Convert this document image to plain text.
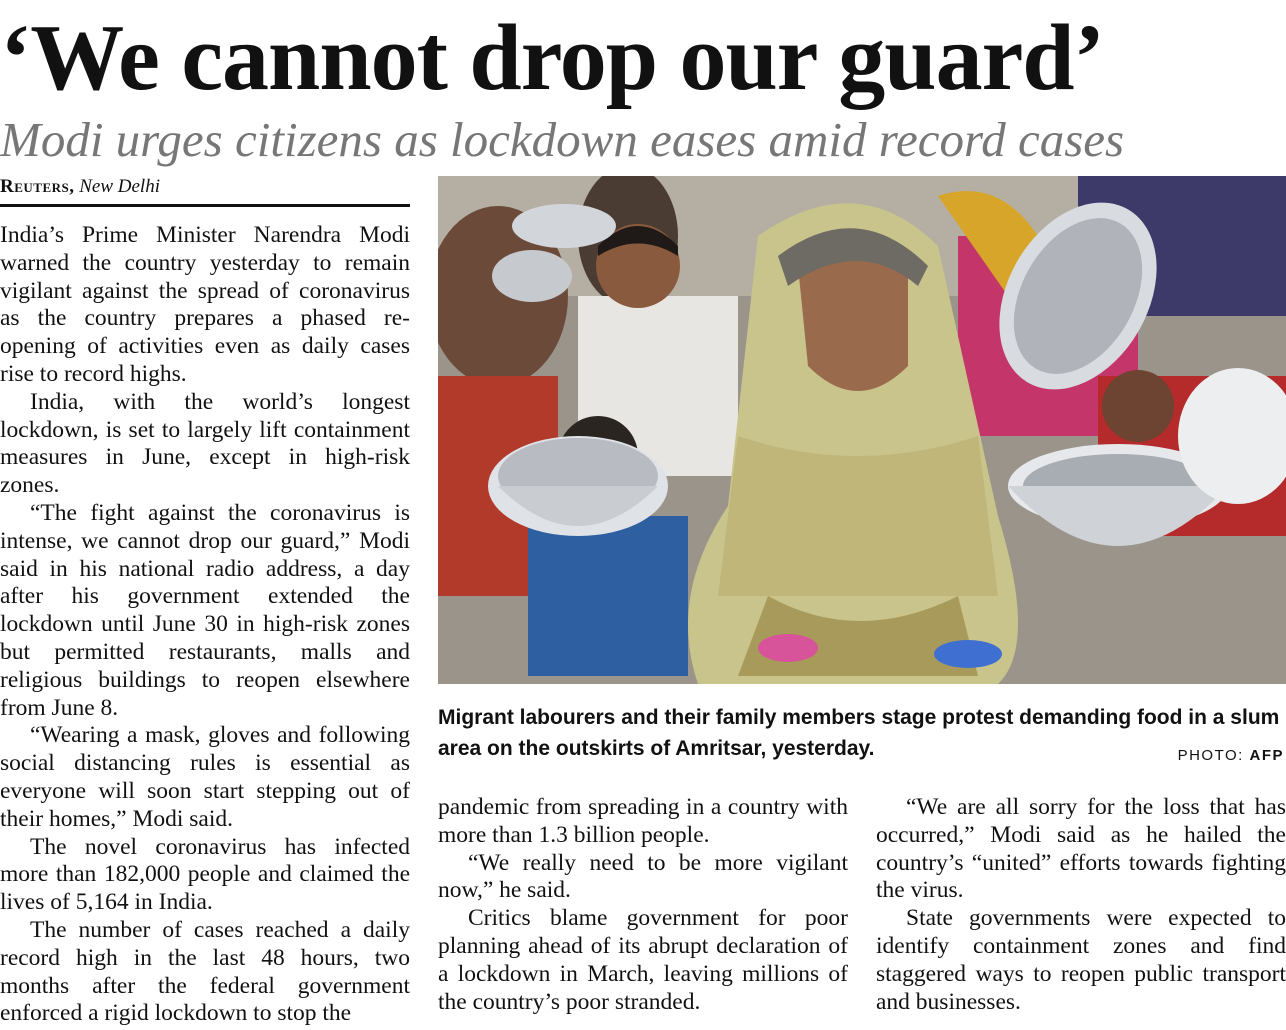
‘We cannot drop our guard’
Modi urges citizens as lockdown eases amid record cases
Reuters, New Delhi

India’s Prime Minister Narendra Modi warned the country yesterday to remain vigilant against the spread of coronavirus as the country prepares a phased re-opening of activities even as daily cases rise to record highs.

India, with the world’s longest lockdown, is set to largely lift containment measures in June, except in high-risk zones.

“The fight against the coronavirus is intense, we cannot drop our guard,” Modi said in his national radio address, a day after his government extended the lockdown until June 30 in high-risk zones but permitted restaurants, malls and religious buildings to reopen elsewhere from June 8.

“Wearing a mask, gloves and following social distancing rules is essential as everyone will soon start stepping out of their homes,” Modi said.

The novel coronavirus has infected more than 182,000 people and claimed the lives of 5,164 in India.

The number of cases reached a daily record high in the last 48 hours, two months after the federal government enforced a rigid lockdown to stop the

Migrant labourers and their family members stage protest demanding food in a slum area on the outskirts of Amritsar, yesterday.	PHOTO: AFP

pandemic from spreading in a country with more than 1.3 billion people.

“We really need to be more vigilant now,” he said.

Critics blame government for poor planning ahead of its abrupt declaration of a lockdown in March, leaving millions of the country’s poor stranded.

“We are all sorry for the loss that has occurred,” Modi said as he hailed the country’s “united” efforts towards fighting the virus.

State governments were expected to identify containment zones and find staggered ways to reopen public transport and businesses.
